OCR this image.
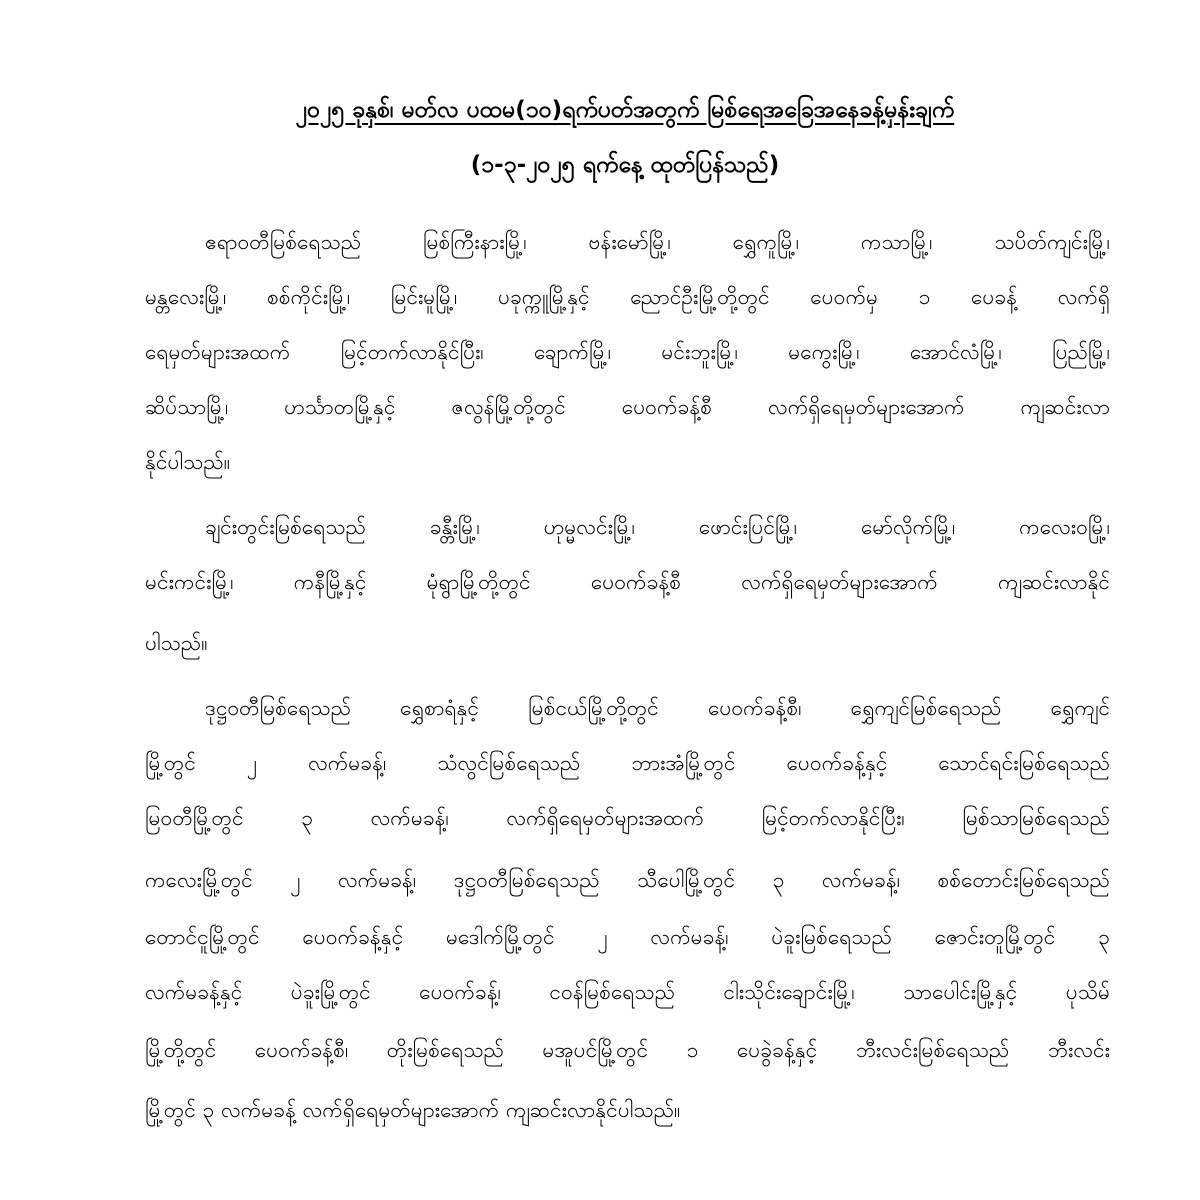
၂၀၂၅ ခုနှစ်၊ မတ်လ ပထမ(၁၀)ရက်ပတ်အတွက် မြစ်ရေအခြေအနေခန့်မှန်းချက်
(၁-၃-၂၀၂၅ ရက်နေ့ ထုတ်ပြန်သည်)
ဧရာဝတီမြစ်ရေသည် မြစ်ကြီးနားမြို့၊ ဗန်းမော်မြို့၊ ရွှေကူမြို့၊ ကသာမြို့၊ သပိတ်ကျင်းမြို့၊
မန္တလေးမြို့၊ စစ်ကိုင်းမြို့၊ မြင်းမူမြို့၊ ပခုက္ကူမြို့နှင့် ညောင်ဦးမြို့တို့တွင် ပေ၀က်မှ ၁ ပေခန့် လက်ရှိ
ရေမှတ်များအထက် မြင့်တက်လာနိုင်ပြီး၊ ချောက်မြို့၊ မင်းဘူးမြို့၊ မကွေးမြို့၊ အောင်လံမြို့၊ ပြည်မြို့၊
ဆိပ်သာမြို့၊ ဟင်္သာတမြို့နှင့် ဇလွန်မြို့တို့တွင် ပေ၀က်ခန့်စီ လက်ရှိရေမှတ်များအောက် ကျဆင်းလာ
နိုင်ပါသည်။
ချင်းတွင်းမြစ်ရေသည် ခန္တီးမြို့၊ ဟုမ္မလင်းမြို့၊ ဖောင်းပြင်မြို့၊ မော်လိုက်မြို့၊ ကလေးဝမြို့၊
မင်းကင်းမြို့၊ ကနီမြို့နှင့် မုံရွာမြို့တို့တွင် ပေ၀က်ခန့်စီ လက်ရှိရေမှတ်များအောက် ကျဆင်းလာနိုင်
ပါသည်။
ဒုဋ္ဌဝတီမြစ်ရေသည် ရွှေစာရံနှင့် မြစ်ငယ်မြို့တို့တွင် ပေ၀က်ခန့်စီ၊ ရွှေကျင်မြစ်ရေသည် ရွှေကျင်
မြို့တွင် ၂ လက်မခန့်၊ သံလွင်မြစ်ရေသည် ဘားအံမြို့တွင် ပေ၀က်ခန့်နှင့် သောင်ရင်းမြစ်ရေသည်
မြဝတီမြို့တွင် ၃ လက်မခန့်၊ လက်ရှိရေမှတ်များအထက် မြင့်တက်လာနိုင်ပြီး၊ မြစ်သာမြစ်ရေသည်
ကလေးမြို့တွင် ၂ လက်မခန့်၊ ဒုဋ္ဌဝတီမြစ်ရေသည် သီပေါမြို့တွင် ၃ လက်မခန့်၊ စစ်တောင်းမြစ်ရေသည်
တောင်ငူမြို့တွင် ပေ၀က်ခန့်နှင့် မဒေါက်မြို့တွင် ၂ လက်မခန့်၊ ပဲခူးမြစ်ရေသည် ဇောင်းတူမြို့တွင် ၃
လက်မခန့်နှင့် ပဲခူးမြို့တွင် ပေ၀က်ခန့်၊ ငဝန်မြစ်ရေသည် ငါးသိုင်းချောင်းမြို့၊ သာပေါင်းမြို့နှင့် ပုသိမ်
မြို့တို့တွင် ပေ၀က်ခန့်စီ၊ တိုးမြစ်ရေသည် မအူပင်မြို့တွင် ၁ ပေခွဲခန့်နှင့် ဘီးလင်းမြစ်ရေသည် ဘီးလင်း
မြို့တွင် ၃ လက်မခန့် လက်ရှိရေမှတ်များအောက် ကျဆင်းလာနိုင်ပါသည်။
